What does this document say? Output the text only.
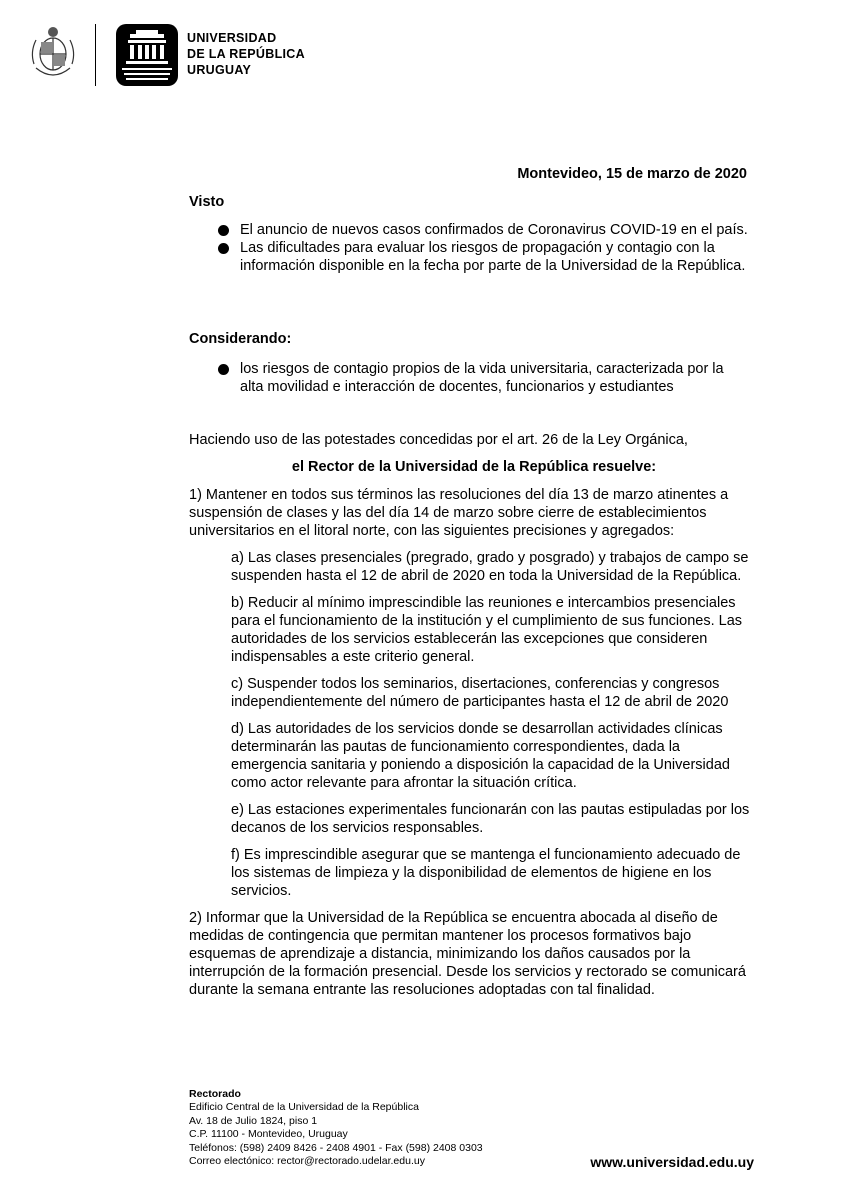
UNIVERSIDAD
DE LA REPÚBLICA
URUGUAY
Montevideo, 15 de marzo de 2020
Visto
El anuncio de nuevos casos confirmados de Coronavirus COVID-19 en el país.
Las dificultades para evaluar los riesgos de propagación y contagio con la información disponible en la fecha por parte de la Universidad de la República.
Considerando:
los riesgos de contagio propios de la vida universitaria, caracterizada por la alta movilidad e interacción de docentes, funcionarios y estudiantes

Haciendo uso de las potestades concedidas por el art. 26 de la Ley Orgánica,

el Rector de la Universidad de la República resuelve:

1) Mantener en todos sus términos las resoluciones del día 13 de marzo atinentes a suspensión de clases y las del día 14 de marzo sobre cierre de establecimientos universitarios en el litoral norte, con las siguientes precisiones y agregados:

a) Las clases presenciales (pregrado, grado y posgrado) y trabajos de campo se suspenden hasta el 12 de abril de 2020 en toda la Universidad de la República.

b) Reducir al mínimo imprescindible las reuniones e intercambios presenciales para el funcionamiento de la institución y el cumplimiento de sus funciones. Las autoridades de los servicios establecerán las excepciones que consideren indispensables a este criterio general.

c) Suspender todos los seminarios, disertaciones, conferencias y congresos independientemente del número de participantes hasta el 12 de abril de 2020

d) Las autoridades de los servicios donde se desarrollan actividades clínicas determinarán las pautas de funcionamiento correspondientes, dada la emergencia sanitaria y poniendo a disposición la capacidad de la Universidad como actor relevante para afrontar la situación crítica.

e) Las estaciones experimentales funcionarán con las pautas estipuladas por los decanos de los servicios responsables.

f) Es imprescindible asegurar que se mantenga el funcionamiento adecuado de los sistemas de limpieza y la disponibilidad de elementos de higiene en los servicios.

2) Informar que la Universidad de la República se encuentra abocada al diseño de medidas de contingencia que permitan mantener los procesos formativos bajo esquemas de aprendizaje a distancia, minimizando los daños causados por la interrupción de la formación presencial. Desde los servicios y rectorado se comunicará durante la semana entrante las resoluciones adoptadas con tal finalidad.

Rectorado
Edificio Central de la Universidad de la República
Av. 18 de Julio 1824, piso 1
C.P. 11100 - Montevideo, Uruguay
Teléfonos: (598) 2409 8426 - 2408 4901 - Fax (598) 2408 0303
Correo electónico: rector@rectorado.udelar.edu.uy	www.universidad.edu.uy
